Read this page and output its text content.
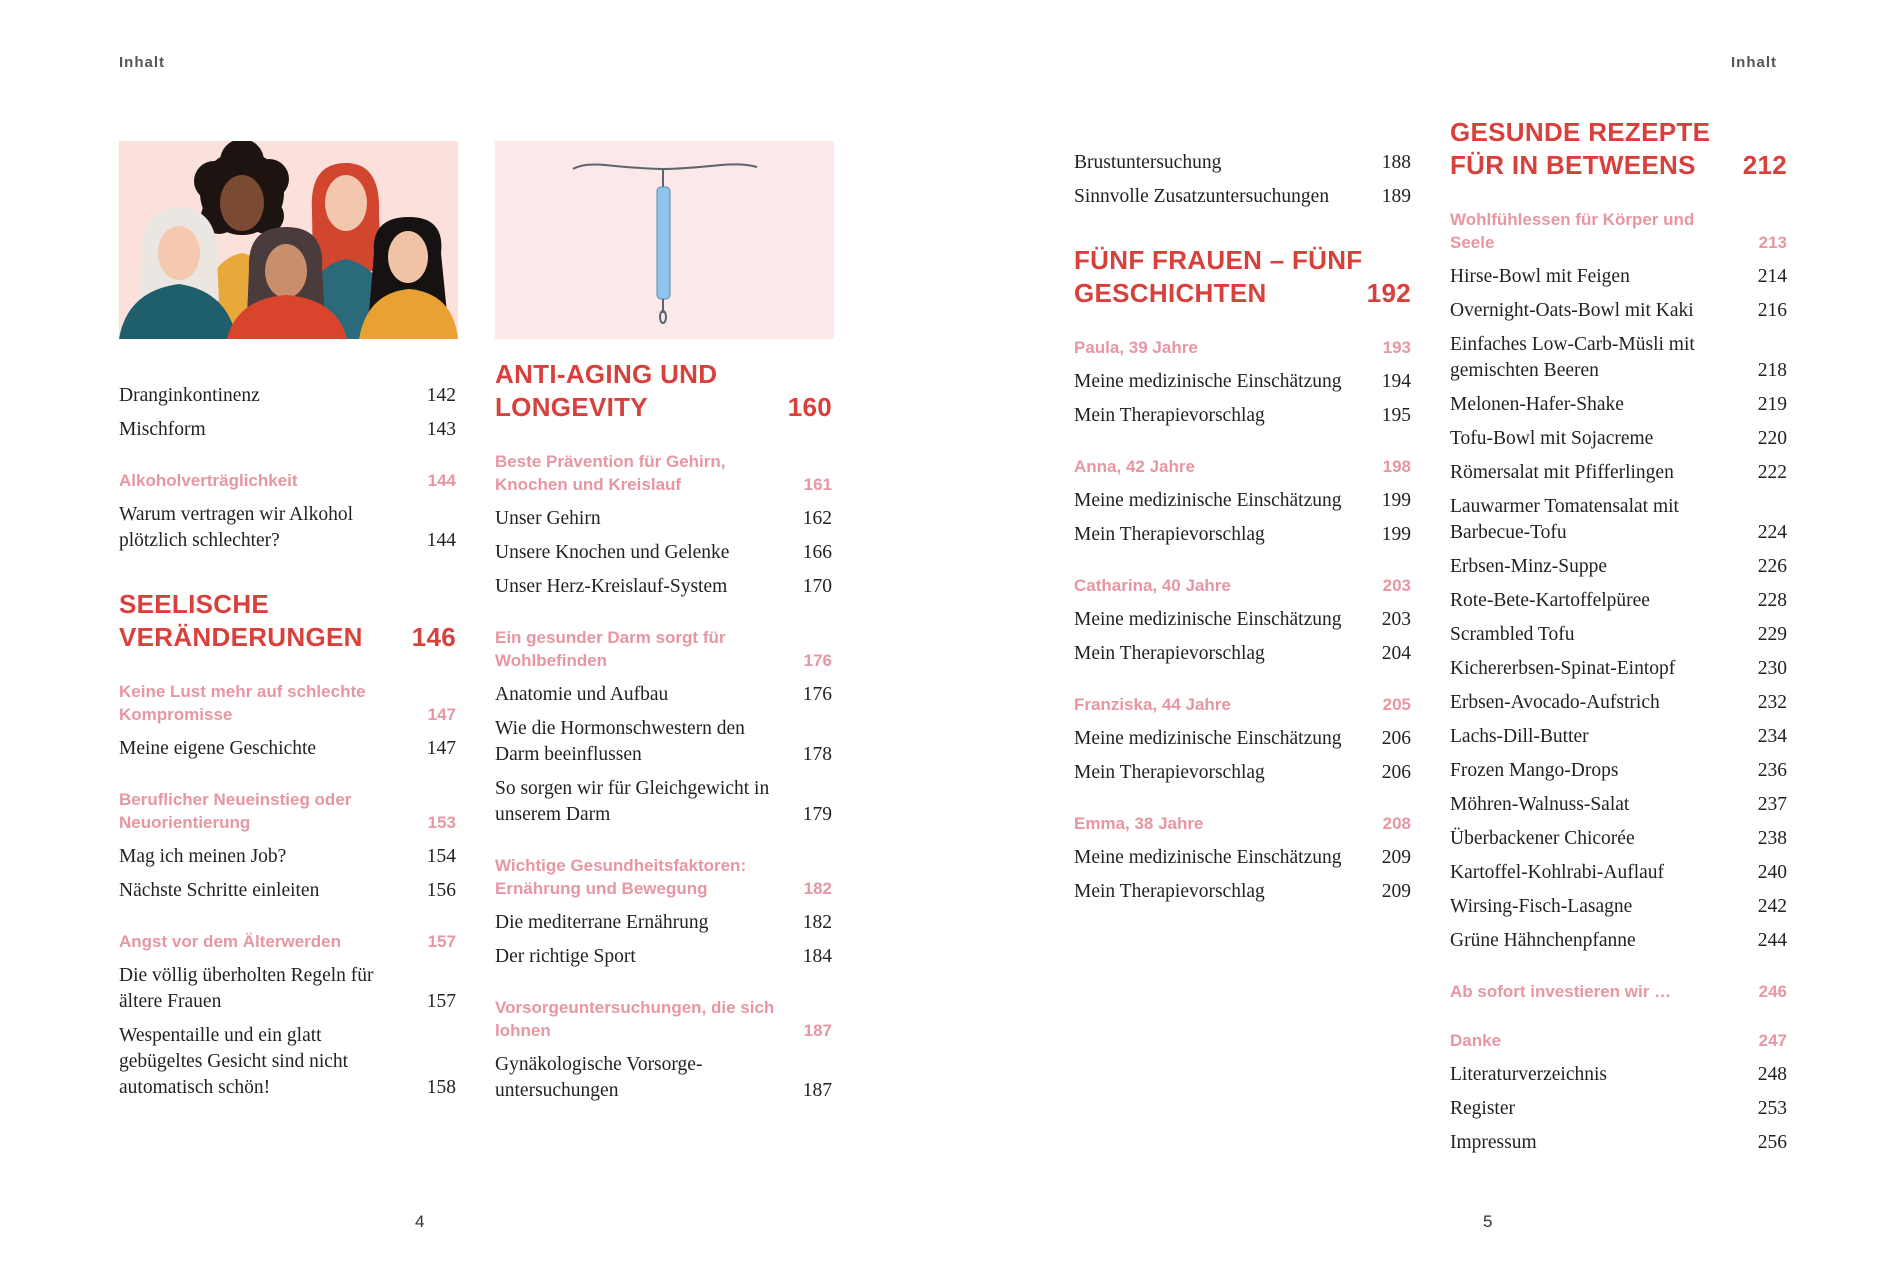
Inhalt	Inhalt
Dranginkontinenz	142
Mischform	143
Alkoholverträglichkeit	144
Warum vertragen wir Alkohol plötzlich schlechter?	144
SEELISCHE VERÄNDERUNGEN	146
Keine Lust mehr auf schlechte Kompromisse	147
Meine eigene Geschichte	147
Beruflicher Neueinstieg oder Neuorientierung	153
Mag ich meinen Job?	154
Nächste Schritte einleiten	156
Angst vor dem Älterwerden	157
Die völlig überholten Regeln für ältere Frauen	157
Wespentaille und ein glatt gebügeltes Gesicht sind nicht automatisch schön!	158
ANTI-AGING UND LONGEVITY	160
Beste Prävention für Gehirn, Knochen und Kreislauf	161
Unser Gehirn	162
Unsere Knochen und Gelenke	166
Unser Herz-Kreislauf-System	170
Ein gesunder Darm sorgt für Wohlbefinden	176
Anatomie und Aufbau	176
Wie die Hormonschwestern den Darm beeinflussen	178
So sorgen wir für Gleichgewicht in unserem Darm	179
Wichtige Gesundheitsfaktoren: Ernährung und Bewegung	182
Die mediterrane Ernährung	182
Der richtige Sport	184
Vorsorgeuntersuchungen, die sich lohnen	187
Gynäkologische Vorsorge- untersuchungen	187
Brustuntersuchung	188
Sinnvolle Zusatzuntersuchungen	189
FÜNF FRAUEN – FÜNF GESCHICHTEN	192
Paula, 39 Jahre	193
Meine medizinische Einschätzung	194
Mein Therapievorschlag	195
Anna, 42 Jahre	198
Meine medizinische Einschätzung	199
Mein Therapievorschlag	199
Catharina, 40 Jahre	203
Meine medizinische Einschätzung	203
Mein Therapievorschlag	204
Franziska, 44 Jahre	205
Meine medizinische Einschätzung	206
Mein Therapievorschlag	206
Emma, 38 Jahre	208
Meine medizinische Einschätzung	209
Mein Therapievorschlag	209
GESUNDE REZEPTE FÜR IN BETWEENS	212
Wohlfühlessen für Körper und Seele	213
Hirse-Bowl mit Feigen	214
Overnight-Oats-Bowl mit Kaki	216
Einfaches Low-Carb-Müsli mit gemischten Beeren	218
Melonen-Hafer-Shake	219
Tofu-Bowl mit Sojacreme	220
Römersalat mit Pfifferlingen	222
Lauwarmer Tomatensalat mit Barbecue-Tofu	224
Erbsen-Minz-Suppe	226
Rote-Bete-Kartoffelpüree	228
Scrambled Tofu	229
Kichererbsen-Spinat-Eintopf	230
Erbsen-Avocado-Aufstrich	232
Lachs-Dill-Butter	234
Frozen Mango-Drops	236
Möhren-Walnuss-Salat	237
Überbackener Chicorée	238
Kartoffel-Kohlrabi-Auflauf	240
Wirsing-Fisch-Lasagne	242
Grüne Hähnchenpfanne	244
Ab sofort investieren wir …	246
Danke	247
Literaturverzeichnis	248
Register	253
Impressum	256
4	5
